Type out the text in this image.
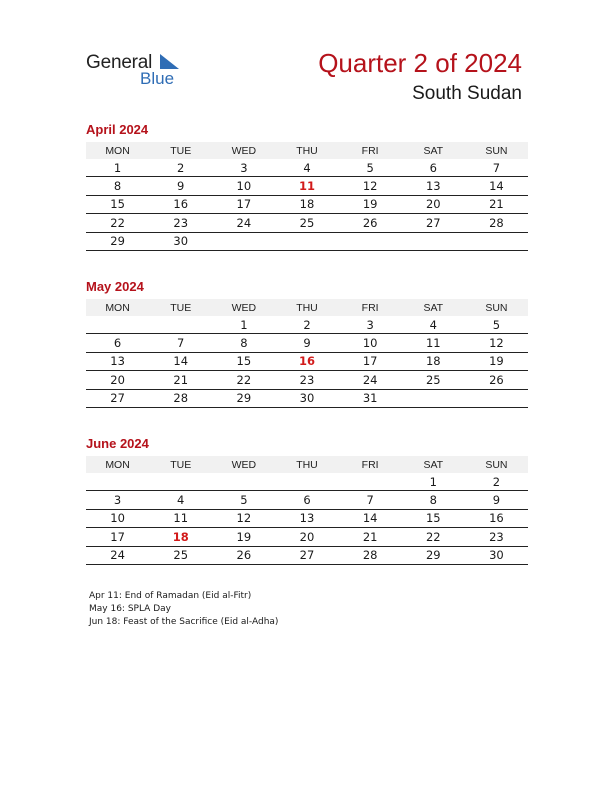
General
Blue
Quarter 2 of 2024
South Sudan
April 2024
MON	TUE	WED	THU	FRI	SAT	SUN
1	2	3	4	5	6	7
8	9	10	11	12	13	14
15	16	17	18	19	20	21
22	23	24	25	26	27	28
29	30					
May 2024
MON	TUE	WED	THU	FRI	SAT	SUN
		1	2	3	4	5
6	7	8	9	10	11	12
13	14	15	16	17	18	19
20	21	22	23	24	25	26
27	28	29	30	31		
June 2024
MON	TUE	WED	THU	FRI	SAT	SUN
					1	2
3	4	5	6	7	8	9
10	11	12	13	14	15	16
17	18	19	20	21	22	23
24	25	26	27	28	29	30
Apr 11: End of Ramadan (Eid al-Fitr)
May 16: SPLA Day
Jun 18: Feast of the Sacrifice (Eid al-Adha)
